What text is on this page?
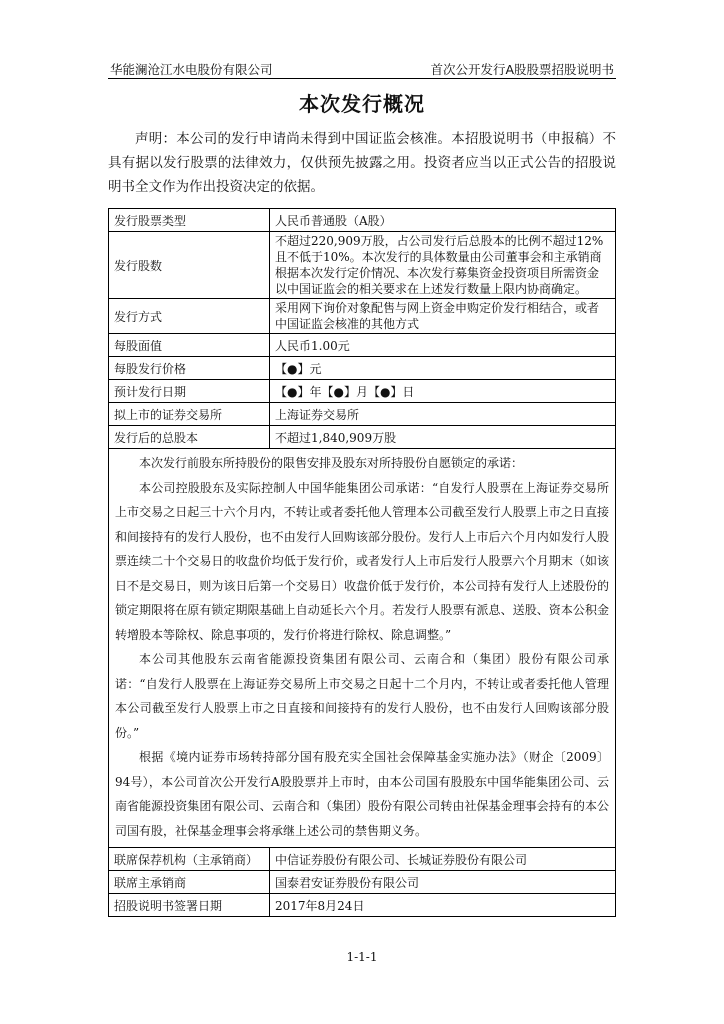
华能澜沧江水电股份有限公司	首次公开发行A股股票招股说明书
本次发行概况

声明：本公司的发行申请尚未得到中国证监会核准。本招股说明书（申报稿）不具有据以发行股票的法律效力，仅供预先披露之用。投资者应当以正式公告的招股说明书全文作为作出投资决定的依据。

发行股票类型	人民币普通股（A股）
发行股数	不超过220,909万股，占公司发行后总股本的比例不超过12%且不低于10%。本次发行的具体数量由公司董事会和主承销商根据本次发行定价情况、本次发行募集资金投资项目所需资金以中国证监会的相关要求在上述发行数量上限内协商确定。
发行方式	采用网下询价对象配售与网上资金申购定价发行相结合，或者中国证监会核准的其他方式
每股面值	人民币1.00元
每股发行价格	【●】元
预计发行日期	【●】年【●】月【●】日
拟上市的证券交易所	上海证券交易所
发行后的总股本	不超过1,840,909万股

本次发行前股东所持股份的限售安排及股东对所持股份自愿锁定的承诺：

本公司控股股东及实际控制人中国华能集团公司承诺：“自发行人股票在上海证券交易所上市交易之日起三十六个月内，不转让或者委托他人管理本公司截至发行人股票上市之日直接和间接持有的发行人股份，也不由发行人回购该部分股份。发行人上市后六个月内如发行人股票连续二十个交易日的收盘价均低于发行价，或者发行人上市后发行人股票六个月期末（如该日不是交易日，则为该日后第一个交易日）收盘价低于发行价，本公司持有发行人上述股份的锁定期限将在原有锁定期限基础上自动延长六个月。若发行人股票有派息、送股、资本公积金转增股本等除权、除息事项的，发行价将进行除权、除息调整。”

本公司其他股东云南省能源投资集团有限公司、云南合和（集团）股份有限公司承诺：“自发行人股票在上海证券交易所上市交易之日起十二个月内，不转让或者委托他人管理本公司截至发行人股票上市之日直接和间接持有的发行人股份，也不由发行人回购该部分股份。”

根据《境内证券市场转持部分国有股充实全国社会保障基金实施办法》（财企〔2009〕94号），本公司首次公开发行A股股票并上市时，由本公司国有股股东中国华能集团公司、云南省能源投资集团有限公司、云南合和（集团）股份有限公司转由社保基金理事会持有的本公司国有股，社保基金理事会将承继上述公司的禁售期义务。	

联席保荐机构（主承销商）	中信证券股份有限公司、长城证券股份有限公司
联席主承销商	国泰君安证券股份有限公司
招股说明书签署日期	2017年8月24日
1-1-1
